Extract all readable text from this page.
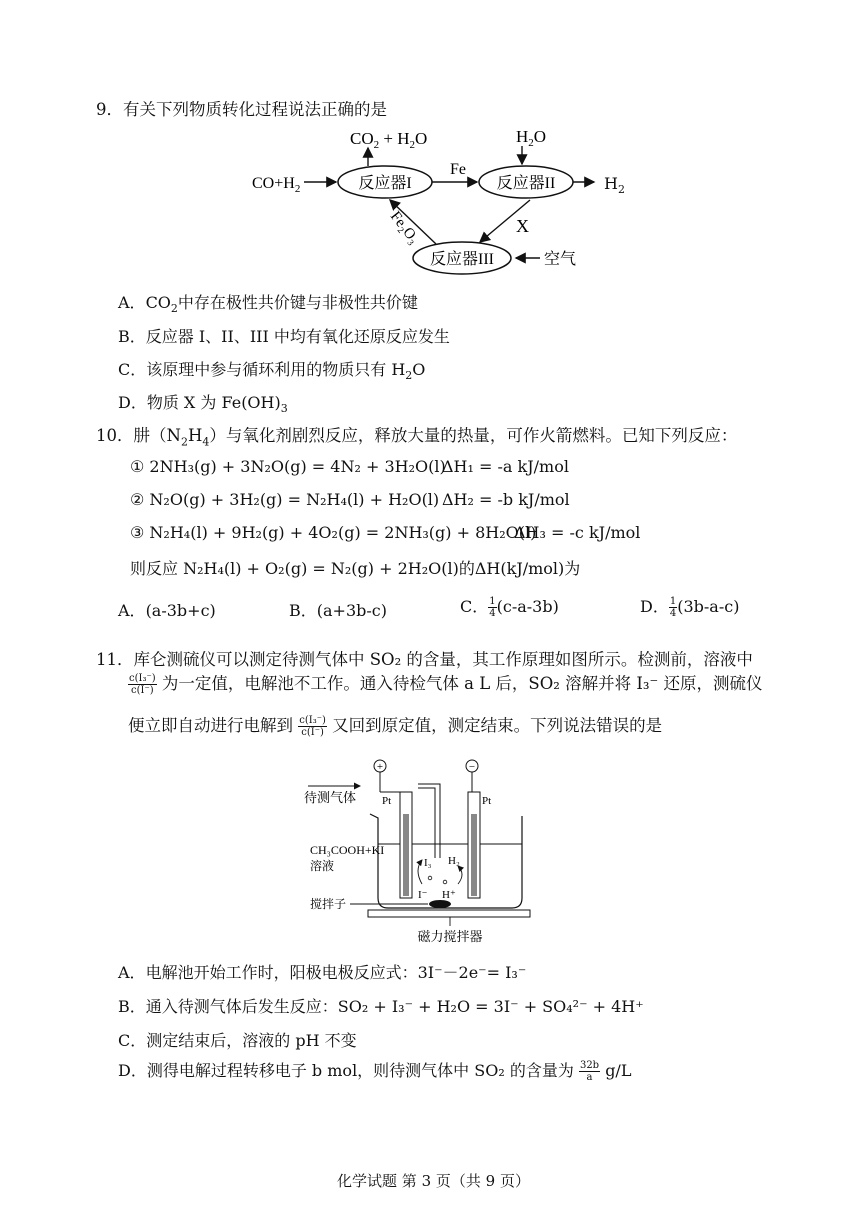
9．有关下列物质转化过程说法正确的是
$CO_2 + H_2O$	$H_2O$
反应器I	反应器II
反应器III
$CO+H_2$
Fe
X
Fe₂O₃
空气
$H_2$
A．$CO_2$中存在极性共价键与非极性共价键
B．反应器 I、II、III 中均有氧化还原反应发生
C．该原理中参与循环利用的物质只有 $H_2O$
D．物质 X 为 $Fe(OH)_3$
10．肼$(N_2H_4)$与氧化剂剧烈反应，释放大量的热量，可作火箭燃料。已知下列反应：
① 2NH₃(g) + 3N₂O(g) = 4N₂ + 3H₂O(l)
ΔH₁ = -a kJ/mol
② N₂O(g) + 3H₂(g) = N₂H₄(l) + H₂O(l) ΔH₂ = -b kJ/mol
③ N₂H₄(l) + 9H₂(g) + 4O₂(g) = 2NH₃(g) + 8H₂O(l)
ΔH₃ = -c kJ/mol
则反应 N₂H₄(l) + O₂(g) = N₂(g) + 2H₂O(l)的ΔH(kJ/mol)为
A．(a-3b+c)	B．(a+3b-c)	C． $\frac{1}{4} (c-a-3b)$	D． $\frac{1}{4} (3b-a-c)$
11．库仑测硫仪可以测定待测气体中 SO₂ 的含量，其工作原理如图所示。检测前，溶液中
$\frac{\text{c(I₃⁻)}}{c(I^-)}$ 为一定值，电解池不工作。通入待检气体 a L 后，SO₂ 溶解并将 I₃⁻ 还原，测硫仪
便立即自动进行电解到 $\frac{\text{c(I₃⁻)}}{c(I^-)}$ 又回到原定值，测定结束。下列说法错误的是
+	−
待测气体 Pt	Pt
CH₃COOH+KI
溶液	I₃ H₂
I⁻ H⁺
搅拌子
磁力搅拌器
A．电解池开始工作时，阳极电极反应式：3I⁻－2e⁻= I₃⁻
B．通入待测气体后发生反应：SO₂ + I₃⁻ + H₂O = 3I⁻ + SO₄²⁻ + 4H⁺
C．测定结束后，溶液的 pH 不变
D．测得电解过程转移电子 b mol，则待测气体中 SO₂ 的含量为 $\frac{32b}{a} g/L$
化学试题 第 3 页（共 9 页）
